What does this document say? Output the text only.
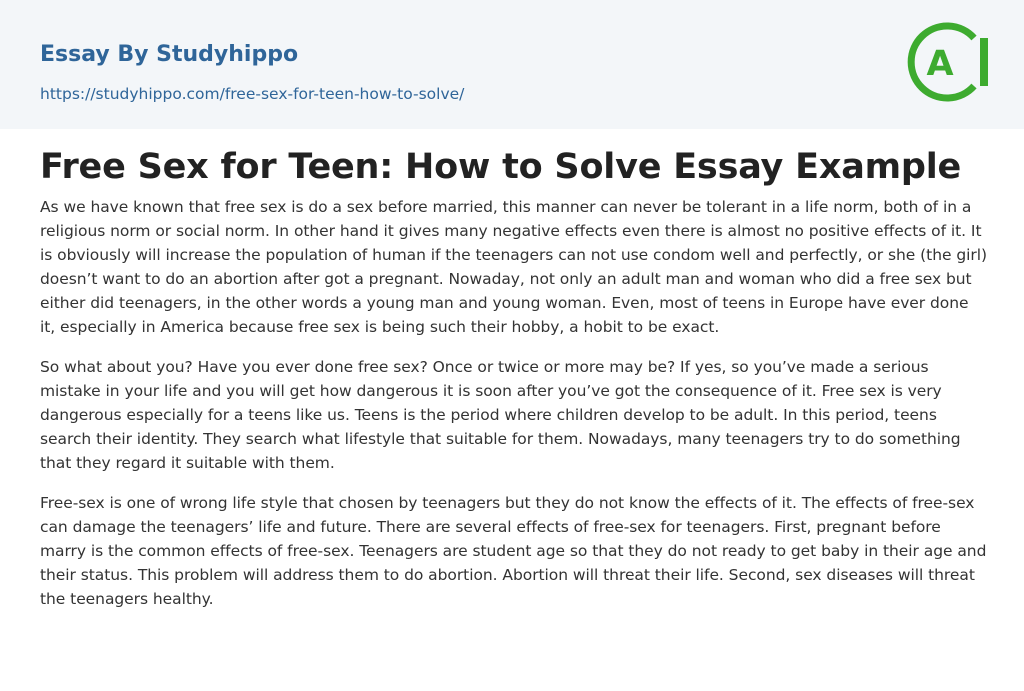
Essay By Studyhippo
https://studyhippo.com/free-sex-for-teen-how-to-solve/
A
Free Sex for Teen: How to Solve Essay Example

As we have known that free sex is do a sex before married, this manner can never be tolerant in a life norm, both of in a religious norm or social norm. In other hand it gives many negative effects even there is almost no positive effects of it. It is obviously will increase the population of human if the teenagers can not use condom well and perfectly, or she (the girl) doesn’t want to do an abortion after got a pregnant. Nowaday, not only an adult man and woman who did a free sex but either did teenagers, in the other words a young man and young woman. Even, most of teens in Europe have ever done it, especially in America because free sex is being such their hobby, a hobit to be exact.

So what about you? Have you ever done free sex? Once or twice or more may be? If yes, so you’ve made a serious mistake in your life and you will get how dangerous it is soon after you’ve got the consequence of it. Free sex is very dangerous especially for a teens like us. Teens is the period where children develop to be adult. In this period, teens search their identity. They search what lifestyle that suitable for them. Nowadays, many teenagers try to do something that they regard it suitable with them.

Free-sex is one of wrong life style that chosen by teenagers but they do not know the effects of it. The effects of free-sex can damage the teenagers’ life and future. There are several effects of free-sex for teenagers. First, pregnant before marry is the common effects of free-sex. Teenagers are student age so that they do not ready to get baby in their age and their status. This problem will address them to do abortion. Abortion will threat their life. Second, sex diseases will threat the teenagers healthy.
